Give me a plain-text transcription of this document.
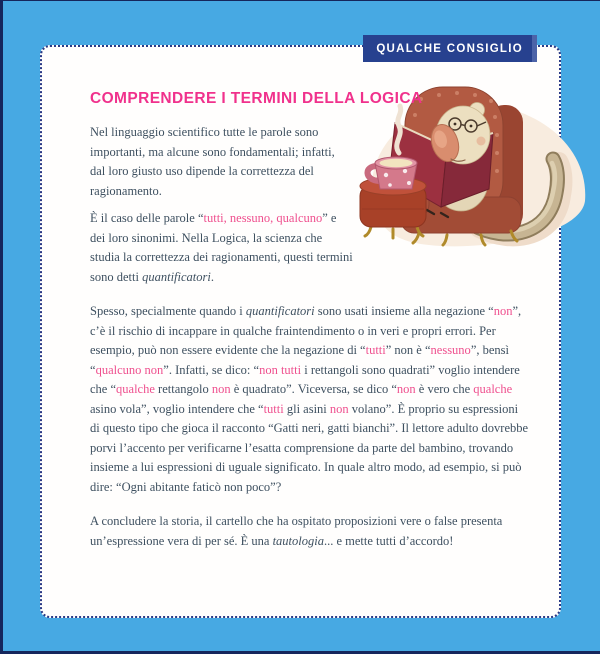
QUALCHE CONSIGLIO
COMPRENDERE I TERMINI DELLA LOGICA

Nel linguaggio scientifico tutte le parole sono importanti, ma alcune sono fondamentali; infatti, dal loro giusto uso dipende la correttezza del ragionamento.

È il caso delle parole “tutti, nessuno, qualcuno” e dei loro sinonimi. Nella Logica, la scienza che studia la correttezza dei ragionamenti, questi termini sono detti quantificatori.

Spesso, specialmente quando i quantificatori sono usati insieme alla negazione “non”, c’è il rischio di incappare in qualche fraintendimento o in veri e propri errori. Per esempio, può non essere evidente che la negazione di “tutti” non è “nessuno”, bensì “qualcuno non”. Infatti, se dico: “non tutti i rettangoli sono quadrati” voglio intendere che “qualche rettangolo non è quadrato”. Viceversa, se dico “non è vero che qualche asino vola”, voglio intendere che “tutti gli asini non volano”. È proprio su espressioni di questo tipo che gioca il racconto “Gatti neri, gatti bianchi”. Il lettore adulto dovrebbe porvi l’accento per verificarne l’esatta comprensione da parte del bambino, trovando insieme a lui espressioni di uguale significato. In quale altro modo, ad esempio, si può dire: “Ogni abitante faticò non poco”?

A concludere la storia, il cartello che ha ospitato proposizioni vere o false presenta un’espressione vera di per sé. È una tautologia... e mette tutti d’accordo!
